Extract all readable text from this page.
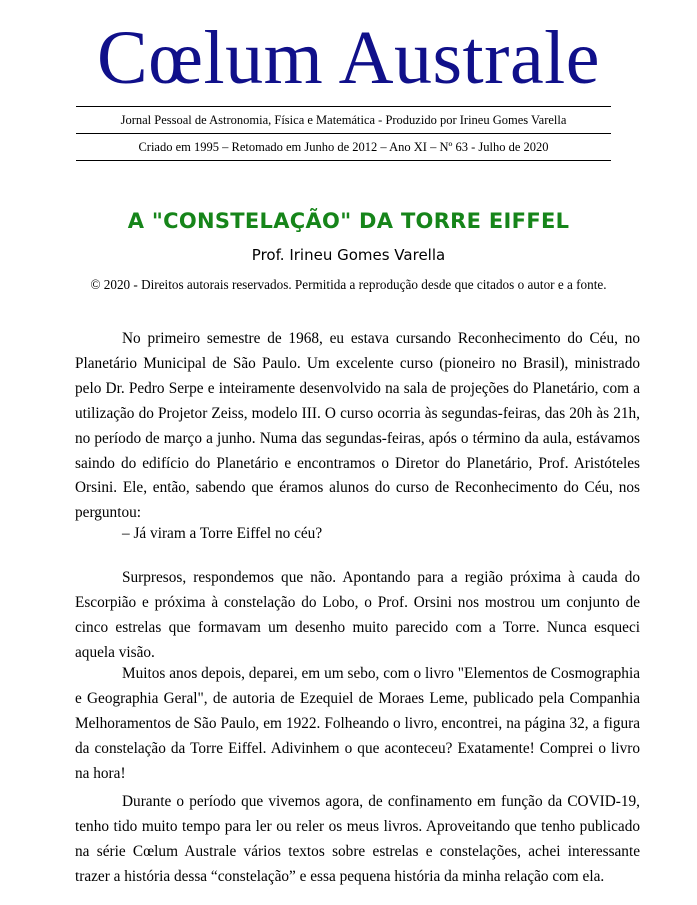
Cœlum Australe
Jornal Pessoal de Astronomia, Física e Matemática - Produzido por Irineu Gomes Varella
Criado em 1995 – Retomado em Junho de 2012 – Ano XI – Nº 63 - Julho de 2020
A "CONSTELAÇÃO" DA TORRE EIFFEL
Prof. Irineu Gomes Varella
© 2020 - Direitos autorais reservados. Permitida a reprodução desde que citados o autor e a fonte.

No primeiro semestre de 1968, eu estava cursando Reconhecimento do Céu, no Planetário Municipal de São Paulo. Um excelente curso (pioneiro no Brasil), ministrado pelo Dr. Pedro Serpe e inteiramente desenvolvido na sala de projeções do Planetário, com a utilização do Projetor Zeiss, modelo III. O curso ocorria às segundas-feiras, das 20h às 21h, no período de março a junho. Numa das segundas-feiras, após o término da aula, estávamos saindo do edifício do Planetário e encontramos o Diretor do Planetário, Prof. Aristóteles Orsini. Ele, então, sabendo que éramos alunos do curso de Reconhecimento do Céu, nos perguntou:

– Já viram a Torre Eiffel no céu?

Surpresos, respondemos que não. Apontando para a região próxima à cauda do Escorpião e próxima à constelação do Lobo, o Prof. Orsini nos mostrou um conjunto de cinco estrelas que formavam um desenho muito parecido com a Torre. Nunca esqueci aquela visão.

Muitos anos depois, deparei, em um sebo, com o livro "Elementos de Cosmographia e Geographia Geral", de autoria de Ezequiel de Moraes Leme, publicado pela Companhia Melhoramentos de São Paulo, em 1922. Folheando o livro, encontrei, na página 32, a figura da constelação da Torre Eiffel. Adivinhem o que aconteceu? Exatamente! Comprei o livro na hora!

Durante o período que vivemos agora, de confinamento em função da COVID-19, tenho tido muito tempo para ler ou reler os meus livros. Aproveitando que tenho publicado na série Cœlum Australe vários textos sobre estrelas e constelações, achei interessante trazer a história dessa “constelação” e essa pequena história da minha relação com ela.
